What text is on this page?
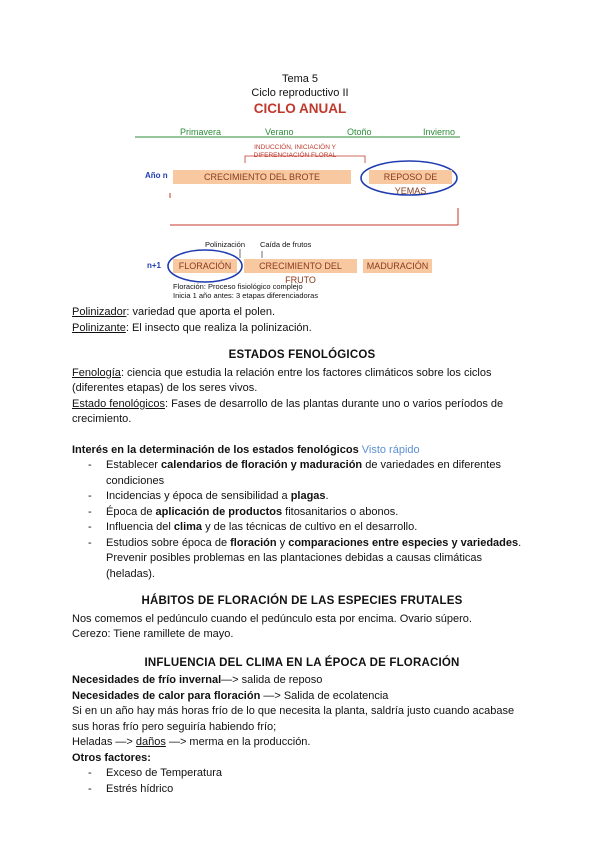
Tema 5
Ciclo reproductivo II
CICLO ANUAL
Primavera	Verano	Otoño	Invierno
INDUCCIÓN, INICIACIÓN Y DIFERENCIACIÓN FLORAL
Año n	CRECIMIENTO DEL BROTE	REPOSO DE YEMAS
Polinización Caída de frutos
n+1	FLORACIÓN	CRECIMIENTO DEL FRUTO
MADURACIÓN
Floración: Proceso fisiológico complejo
Inicia 1 año antes: 3 etapas diferenciadoras
Polinizador: variedad que aporta el polen.
Polinizante: El insecto que realiza la polinización.
ESTADOS FENOLÓGICOS
Fenología: ciencia que estudia la relación entre los factores climáticos sobre los ciclos
(diferentes etapas) de los seres vivos.
Estado fenológicos: Fases de desarrollo de las plantas durante uno o varios períodos de
crecimiento.
Interés en la determinación de los estados fenológicos Visto rápido
- Establecer calendarios de floración y maduración de variedades en diferentes
condiciones
- Incidencias y época de sensibilidad a plagas.
- Época de aplicación de productos fitosanitarios o abonos.
- Influencia del clima y de las técnicas de cultivo en el desarrollo.
- Estudios sobre época de floración y comparaciones entre especies y variedades.
Prevenir posibles problemas en las plantaciones debidas a causas climáticas
(heladas).
HÁBITOS DE FLORACIÓN DE LAS ESPECIES FRUTALES
Nos comemos el pedúnculo cuando el pedúnculo esta por encima. Ovario súpero.
Cerezo: Tiene ramillete de mayo.
INFLUENCIA DEL CLIMA EN LA ÉPOCA DE FLORACIÓN
Necesidades de frío invernal—> salida de reposo
Necesidades de calor para floración —> Salida de ecolatencia
Si en un año hay más horas frío de lo que necesita la planta, saldría justo cuando acabase
sus horas frío pero seguiría habiendo frío;
Heladas —> daños —> merma en la producción.
Otros factores:
- Exceso de Temperatura
- Estrés hídrico
